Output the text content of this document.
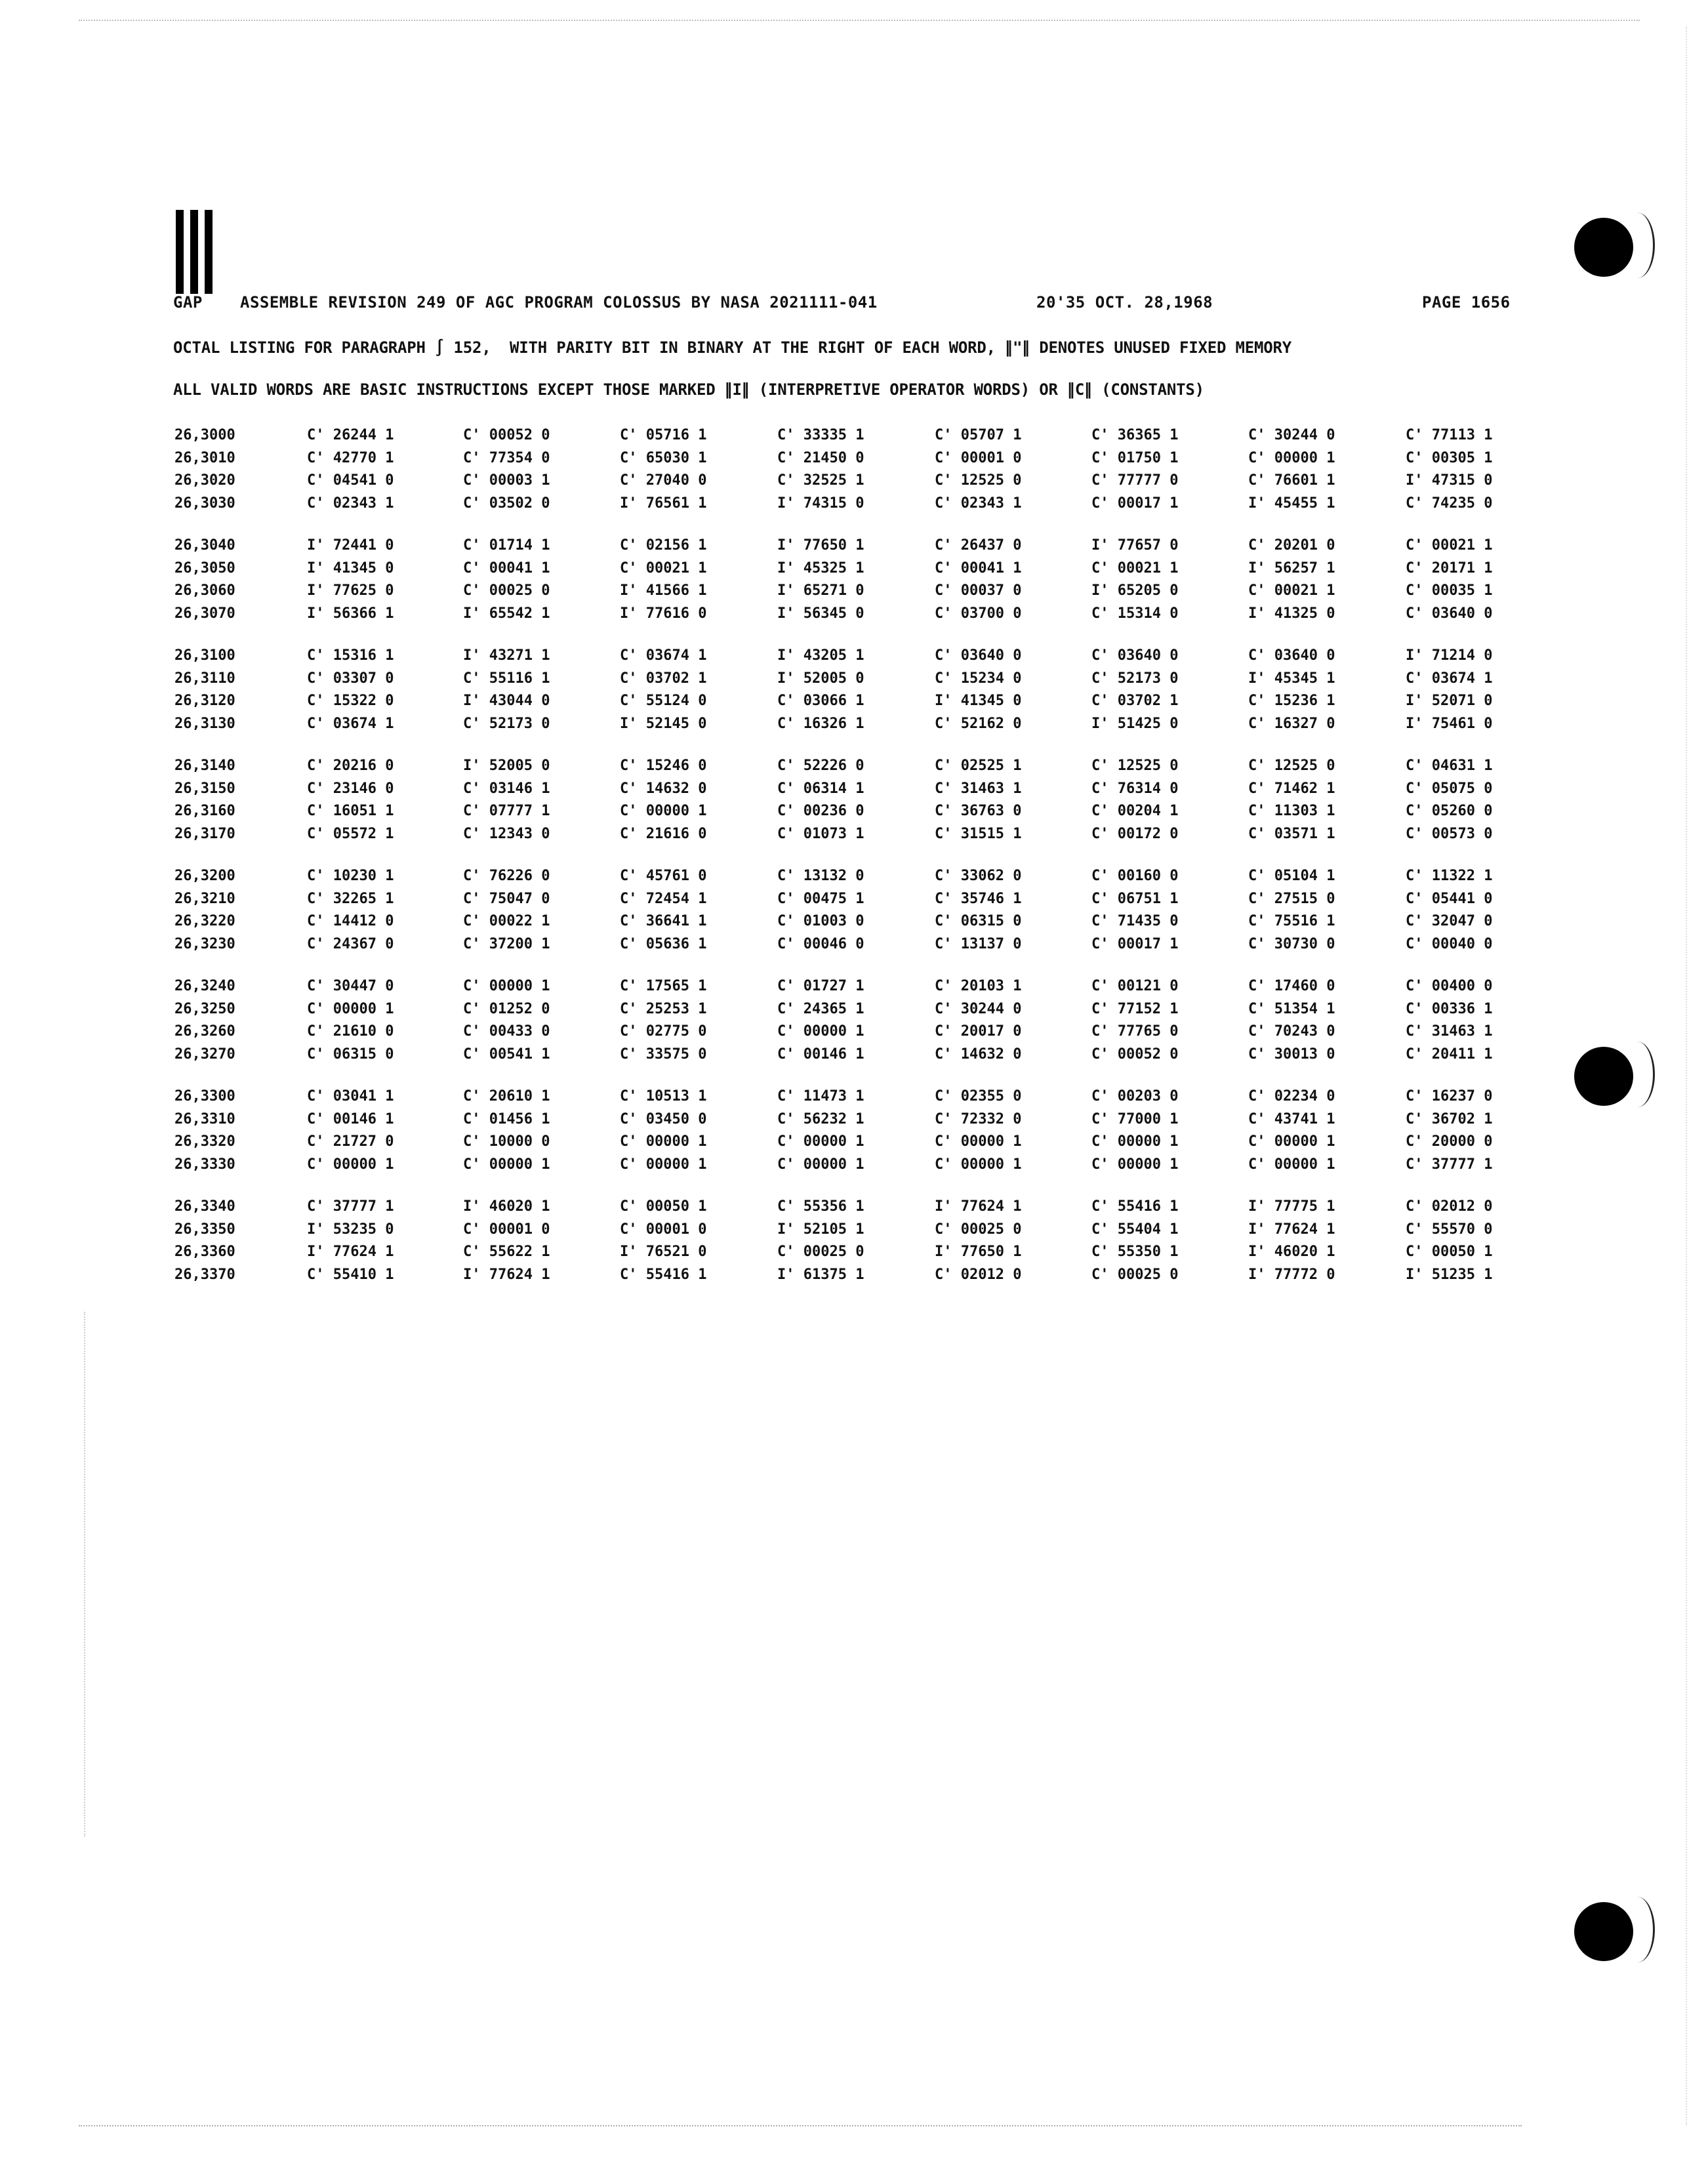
GAP ASSEMBLE REVISION 249 OF AGC PROGRAM COLOSSUS BY NASA 2021111-041	20'35 OCT. 28,1968	PAGE 1656
OCTAL LISTING FOR PARAGRAPH ∫ 152,  WITH PARITY BIT IN BINARY AT THE RIGHT OF EACH WORD, ∥"∥ DENOTES UNUSED FIXED MEMORY
ALL VALID WORDS ARE BASIC INSTRUCTIONS EXCEPT THOSE MARKED ∥I∥ (INTERPRETIVE OPERATOR WORDS) OR ∥C∥ (CONSTANTS)
26,3000	C' 26244 1	C' 00052 0	C' 05716 1	C' 33335 1	C' 05707 1	C' 36365 1	C' 30244 0	C' 77113 1
26,3010	C' 42770 1	C' 77354 0	C' 65030 1	C' 21450 0	C' 00001 0	C' 01750 1	C' 00000 1	C' 00305 1
26,3020	C' 04541 0	C' 00003 1	C' 27040 0	C' 32525 1	C' 12525 0	C' 77777 0	C' 76601 1	I' 47315 0
26,3030	C' 02343 1	C' 03502 0	I' 76561 1	I' 74315 0	C' 02343 1	C' 00017 1	I' 45455 1	C' 74235 0
26,3040	I' 72441 0	C' 01714 1	C' 02156 1	I' 77650 1	C' 26437 0	I' 77657 0	C' 20201 0	C' 00021 1
26,3050	I' 41345 0	C' 00041 1	C' 00021 1	I' 45325 1	C' 00041 1	C' 00021 1	I' 56257 1	C' 20171 1
26,3060	I' 77625 0	C' 00025 0	I' 41566 1	I' 65271 0	C' 00037 0	I' 65205 0	C' 00021 1	C' 00035 1
26,3070	I' 56366 1	I' 65542 1	I' 77616 0	I' 56345 0	C' 03700 0	C' 15314 0	I' 41325 0	C' 03640 0
26,3100	C' 15316 1	I' 43271 1	C' 03674 1	I' 43205 1	C' 03640 0	C' 03640 0	C' 03640 0	I' 71214 0
26,3110	C' 03307 0	C' 55116 1	C' 03702 1	I' 52005 0	C' 15234 0	C' 52173 0	I' 45345 1	C' 03674 1
26,3120	C' 15322 0	I' 43044 0	C' 55124 0	C' 03066 1	I' 41345 0	C' 03702 1	C' 15236 1	I' 52071 0
26,3130	C' 03674 1	C' 52173 0	I' 52145 0	C' 16326 1	C' 52162 0	I' 51425 0	C' 16327 0	I' 75461 0
26,3140	C' 20216 0	I' 52005 0	C' 15246 0	C' 52226 0	C' 02525 1	C' 12525 0	C' 12525 0	C' 04631 1
26,3150	C' 23146 0	C' 03146 1	C' 14632 0	C' 06314 1	C' 31463 1	C' 76314 0	C' 71462 1	C' 05075 0
26,3160	C' 16051 1	C' 07777 1	C' 00000 1	C' 00236 0	C' 36763 0	C' 00204 1	C' 11303 1	C' 05260 0
26,3170	C' 05572 1	C' 12343 0	C' 21616 0	C' 01073 1	C' 31515 1	C' 00172 0	C' 03571 1	C' 00573 0
26,3200	C' 10230 1	C' 76226 0	C' 45761 0	C' 13132 0	C' 33062 0	C' 00160 0	C' 05104 1	C' 11322 1
26,3210	C' 32265 1	C' 75047 0	C' 72454 1	C' 00475 1	C' 35746 1	C' 06751 1	C' 27515 0	C' 05441 0
26,3220	C' 14412 0	C' 00022 1	C' 36641 1	C' 01003 0	C' 06315 0	C' 71435 0	C' 75516 1	C' 32047 0
26,3230	C' 24367 0	C' 37200 1	C' 05636 1	C' 00046 0	C' 13137 0	C' 00017 1	C' 30730 0	C' 00040 0
26,3240	C' 30447 0	C' 00000 1	C' 17565 1	C' 01727 1	C' 20103 1	C' 00121 0	C' 17460 0	C' 00400 0
26,3250	C' 00000 1	C' 01252 0	C' 25253 1	C' 24365 1	C' 30244 0	C' 77152 1	C' 51354 1	C' 00336 1
26,3260	C' 21610 0	C' 00433 0	C' 02775 0	C' 00000 1	C' 20017 0	C' 77765 0	C' 70243 0	C' 31463 1
26,3270	C' 06315 0	C' 00541 1	C' 33575 0	C' 00146 1	C' 14632 0	C' 00052 0	C' 30013 0	C' 20411 1
26,3300	C' 03041 1	C' 20610 1	C' 10513 1	C' 11473 1	C' 02355 0	C' 00203 0	C' 02234 0	C' 16237 0
26,3310	C' 00146 1	C' 01456 1	C' 03450 0	C' 56232 1	C' 72332 0	C' 77000 1	C' 43741 1	C' 36702 1
26,3320	C' 21727 0	C' 10000 0	C' 00000 1	C' 00000 1	C' 00000 1	C' 00000 1	C' 00000 1	C' 20000 0
26,3330	C' 00000 1	C' 00000 1	C' 00000 1	C' 00000 1	C' 00000 1	C' 00000 1	C' 00000 1	C' 37777 1
26,3340	C' 37777 1	I' 46020 1	C' 00050 1	C' 55356 1	I' 77624 1	C' 55416 1	I' 77775 1	C' 02012 0
26,3350	I' 53235 0	C' 00001 0	C' 00001 0	I' 52105 1	C' 00025 0	C' 55404 1	I' 77624 1	C' 55570 0
26,3360	I' 77624 1	C' 55622 1	I' 76521 0	C' 00025 0	I' 77650 1	C' 55350 1	I' 46020 1	C' 00050 1
26,3370	C' 55410 1	I' 77624 1	C' 55416 1	I' 61375 1	C' 02012 0	C' 00025 0	I' 77772 0	I' 51235 1
